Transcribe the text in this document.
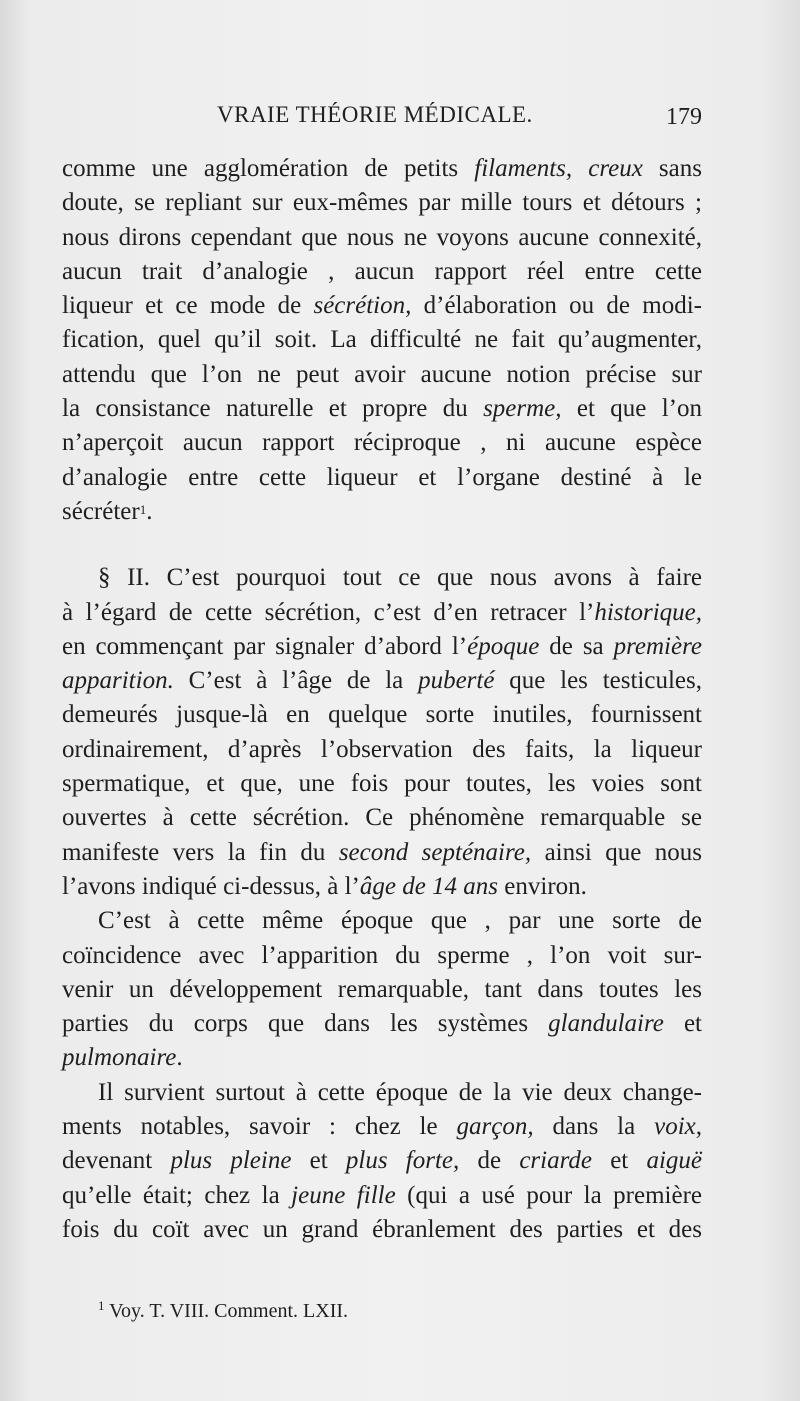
VRAIE THÉORIE MÉDICALE.	179

comme une agglomération de petits filaments, creux sans
doute, se repliant sur eux-mêmes par mille tours et détours ;
nous dirons cependant que nous ne voyons aucune connexité,
aucun trait d’analogie , aucun rapport réel entre cette
liqueur et ce mode de sécrétion, d’élaboration ou de modi-
fication, quel qu’il soit. La difficulté ne fait qu’augmenter,
attendu que l’on ne peut avoir aucune notion précise sur
la consistance naturelle et propre du sperme, et que l’on
n’aperçoit aucun rapport réciproque , ni aucune espèce
d’analogie entre cette liqueur et l’organe destiné à le
sécréter$^1$.

§ II. C’est pourquoi tout ce que nous avons à faire
à l’égard de cette sécrétion, c’est d’en retracer l’historique,
en commençant par signaler d’abord l’époque de sa première
apparition. C’est à l’âge de la puberté que les testicules,
demeurés jusque-là en quelque sorte inutiles, fournissent
ordinairement, d’après l’observation des faits, la liqueur
spermatique, et que, une fois pour toutes, les voies sont
ouvertes à cette sécrétion. Ce phénomène remarquable se
manifeste vers la fin du second septénaire, ainsi que nous
l’avons indiqué ci-dessus, à l’âge de 14 ans environ.

C’est à cette même époque que , par une sorte de
coïncidence avec l’apparition du sperme , l’on voit sur-
venir un développement remarquable, tant dans toutes les
parties du corps que dans les systèmes glandulaire et
pulmonaire.

Il survient surtout à cette époque de la vie deux change-
ments notables, savoir : chez le garçon, dans la voix,
devenant plus pleine et plus forte, de criarde et aiguë
qu’elle était; chez la jeune fille (qui a usé pour la première
fois du coït avec un grand ébranlement des parties et des

$^1$ Voy. T. VIII. Comment. LXII.
